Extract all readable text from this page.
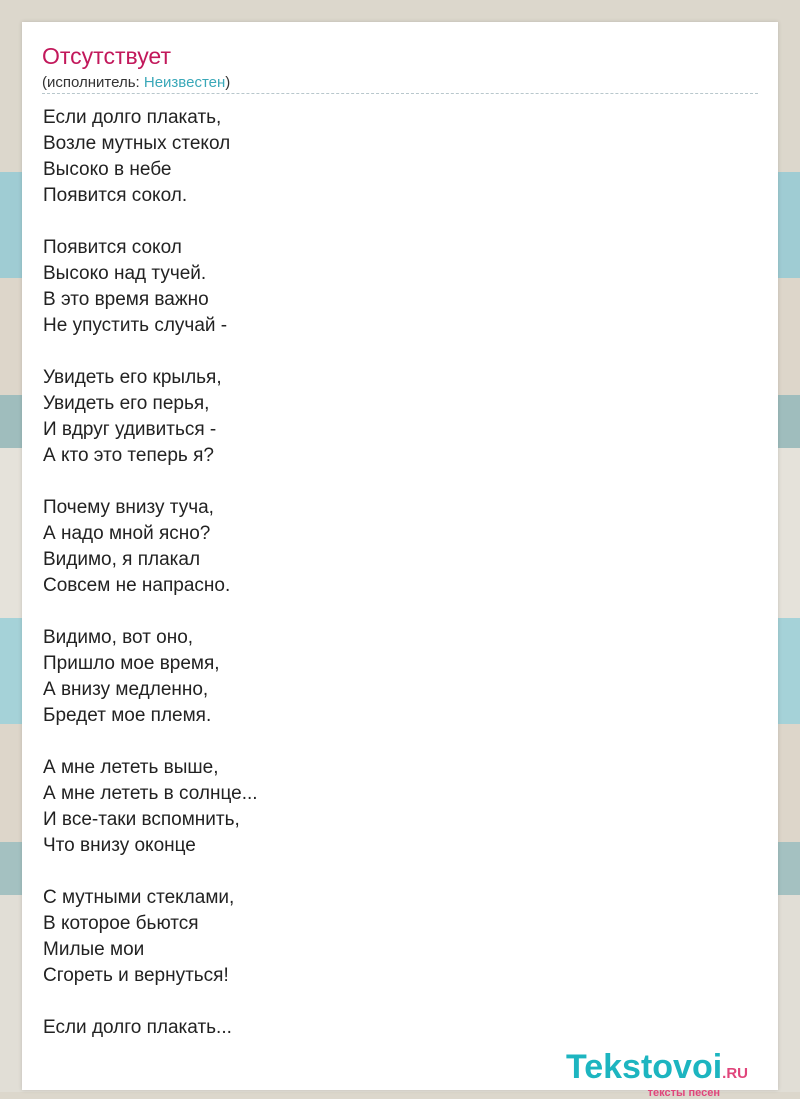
Отсутствует
(исполнитель: Неизвестен)
Если долго плакать,
Возле мутных стекол
Высоко в небе
Появится сокол.
Появится сокол
Высоко над тучей.
В это время важно
Не упустить случай -
Увидеть его крылья,
Увидеть его перья,
И вдруг удивиться -
А кто это теперь я?
Почему внизу туча,
А надо мной ясно?
Видимо, я плакал
Совсем не напрасно.
Видимо, вот оно,
Пришло мое время,
А внизу медленно,
Бредет мое племя.
А мне лететь выше,
А мне лететь в солнце...
И все-таки вспомнить,
Что внизу оконце
С мутными стеклами,
В которое бьются
Милые мои
Сгореть и вернуться!
Если долго плакать...
Tekstovoi.RU
тексты песен
